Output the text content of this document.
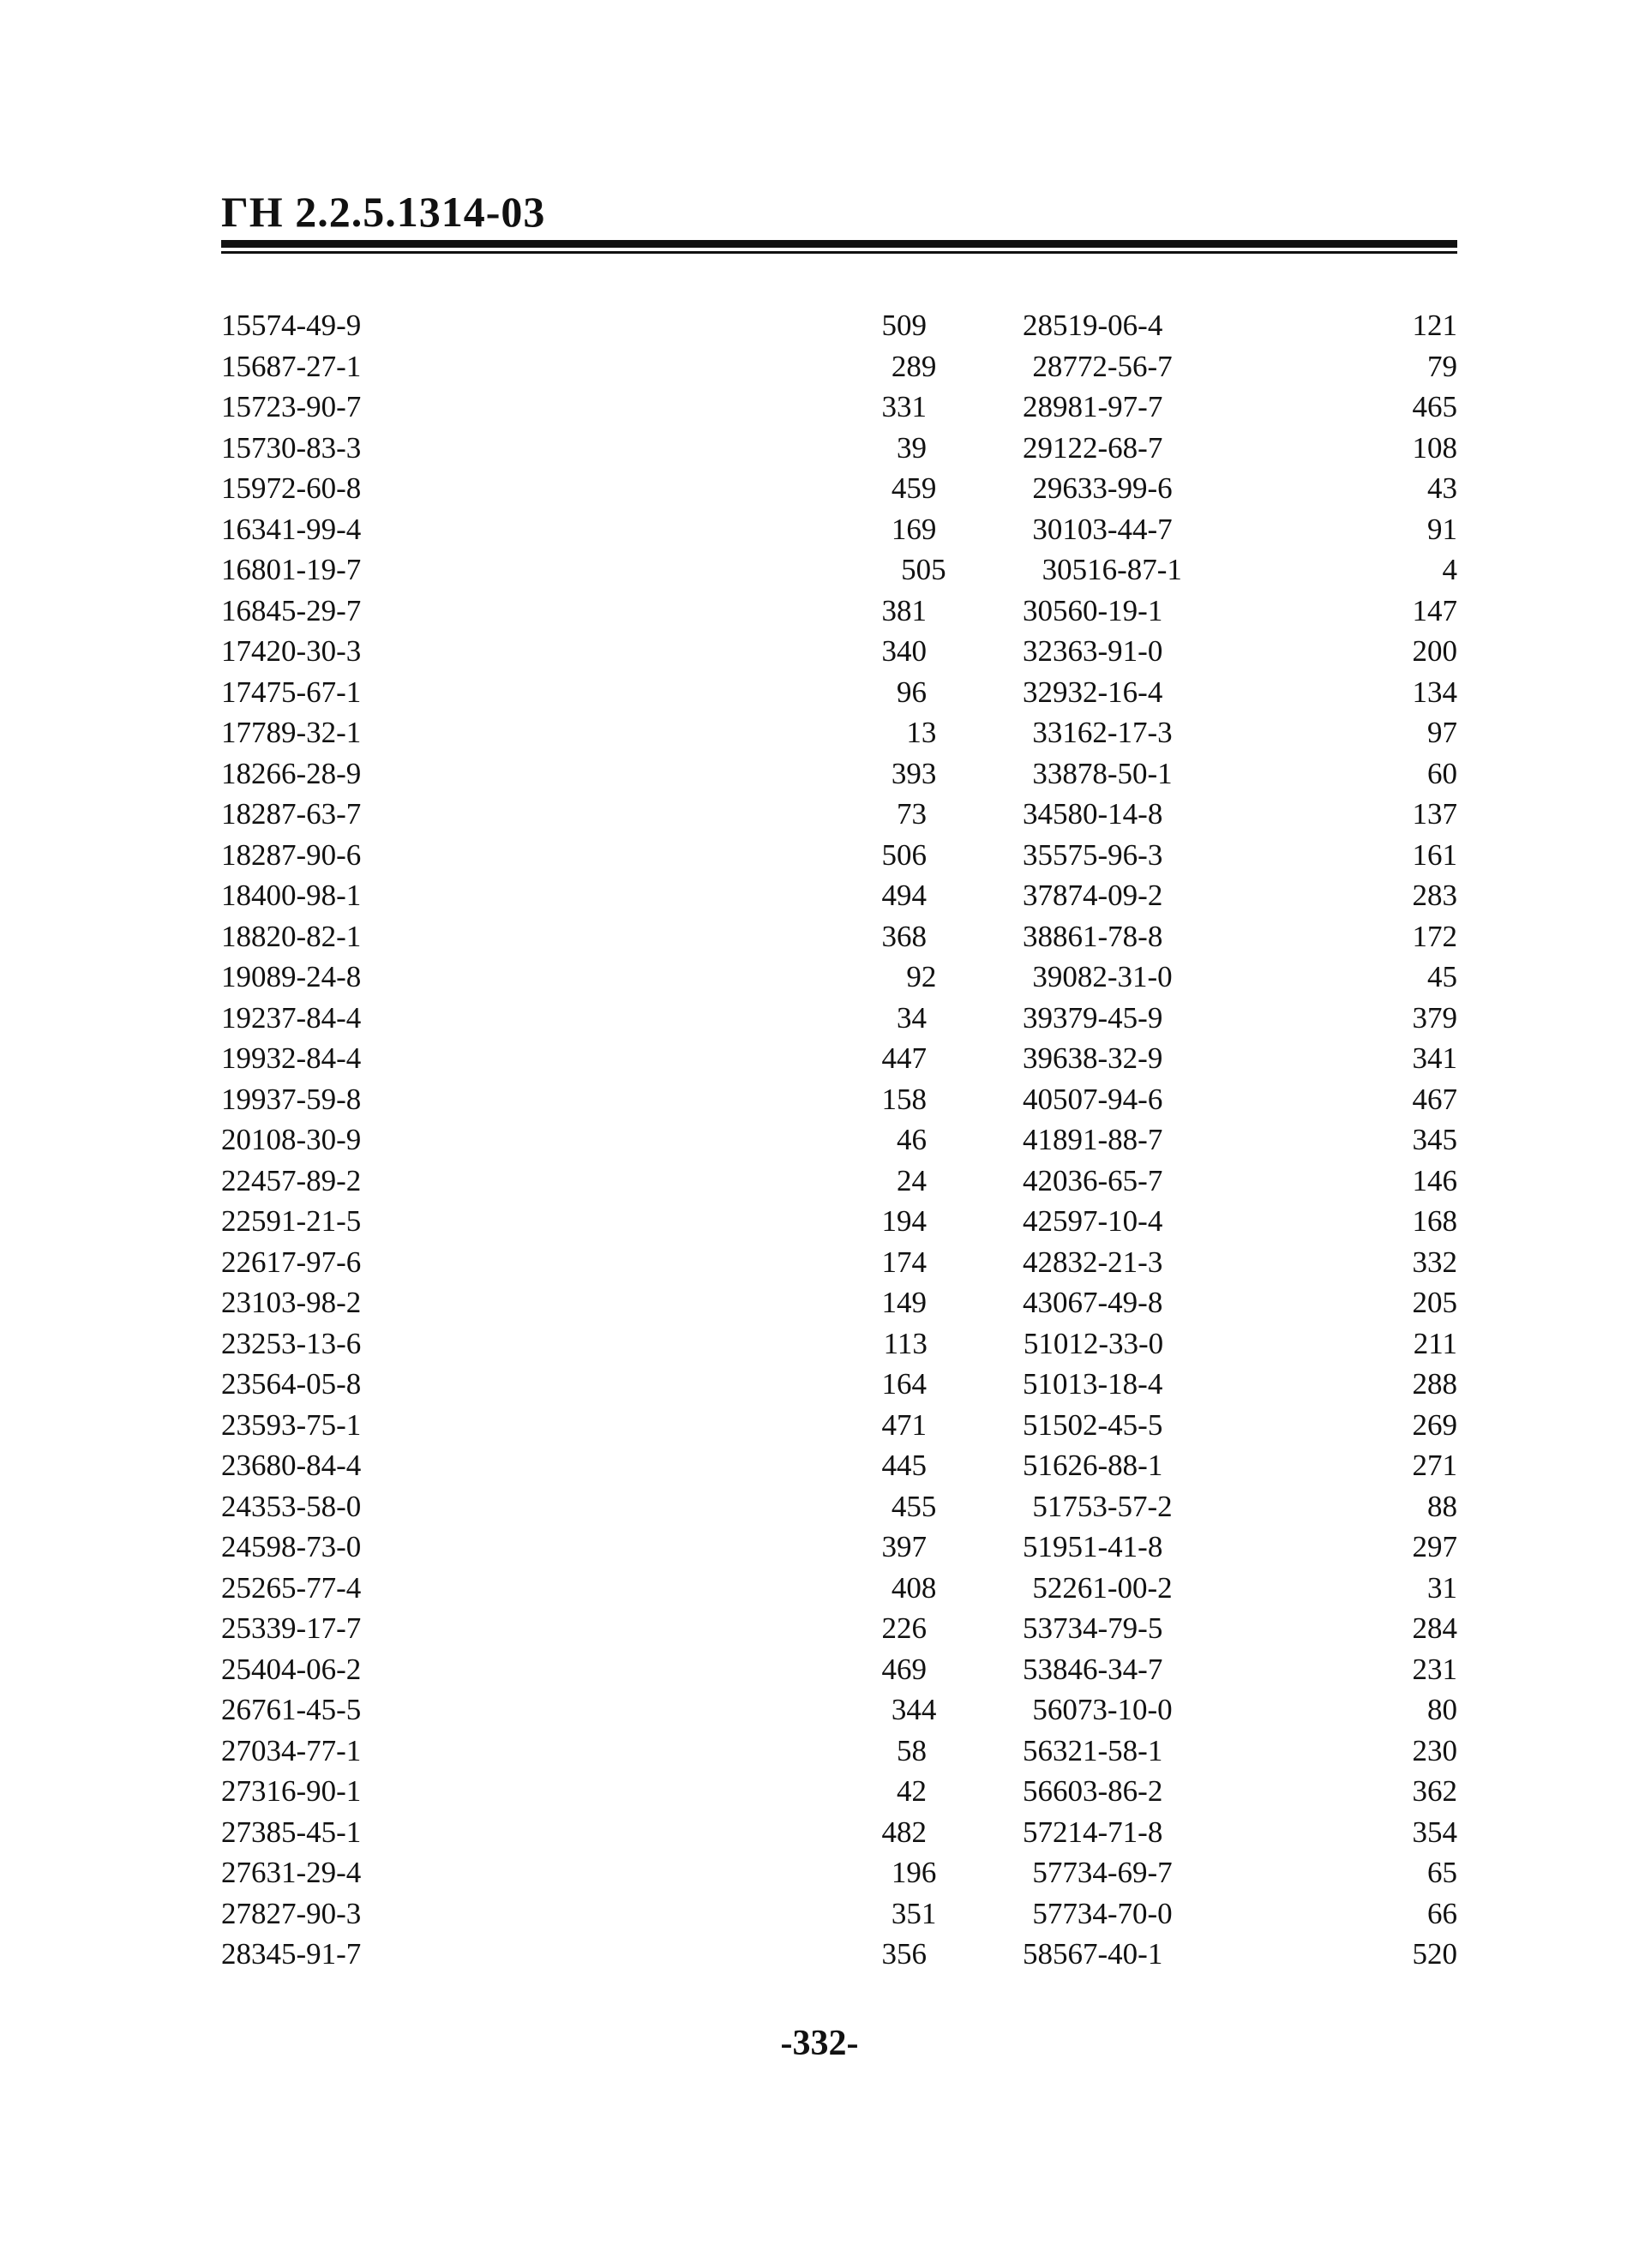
ГН 2.2.5.1314-03
15574-49-9	509	28519-06-4	121
15687-27-1	289	28772-56-7	79
15723-90-7	331	28981-97-7	465
15730-83-3	39	29122-68-7	108
15972-60-8	459	29633-99-6	43
16341-99-4	169	30103-44-7	91
16801-19-7	505	30516-87-1	4
16845-29-7	381	30560-19-1	147
17420-30-3	340	32363-91-0	200
17475-67-1	96	32932-16-4	134
17789-32-1	13	33162-17-3	97
18266-28-9	393	33878-50-1	60
18287-63-7	73	34580-14-8	137
18287-90-6	506	35575-96-3	161
18400-98-1	494	37874-09-2	283
18820-82-1	368	38861-78-8	172
19089-24-8	92	39082-31-0	45
19237-84-4	34	39379-45-9	379
19932-84-4	447	39638-32-9	341
19937-59-8	158	40507-94-6	467
20108-30-9	46	41891-88-7	345
22457-89-2	24	42036-65-7	146
22591-21-5	194	42597-10-4	168
22617-97-6	174	42832-21-3	332
23103-98-2	149	43067-49-8	205
23253-13-6	113	51012-33-0	211
23564-05-8	164	51013-18-4	288
23593-75-1	471	51502-45-5	269
23680-84-4	445	51626-88-1	271
24353-58-0	455	51753-57-2	88
24598-73-0	397	51951-41-8	297
25265-77-4	408	52261-00-2	31
25339-17-7	226	53734-79-5	284
25404-06-2	469	53846-34-7	231
26761-45-5	344	56073-10-0	80
27034-77-1	58	56321-58-1	230
27316-90-1	42	56603-86-2	362
27385-45-1	482	57214-71-8	354
27631-29-4	196	57734-69-7	65
27827-90-3	351	57734-70-0	66
28345-91-7	356	58567-40-1	520
-332-
